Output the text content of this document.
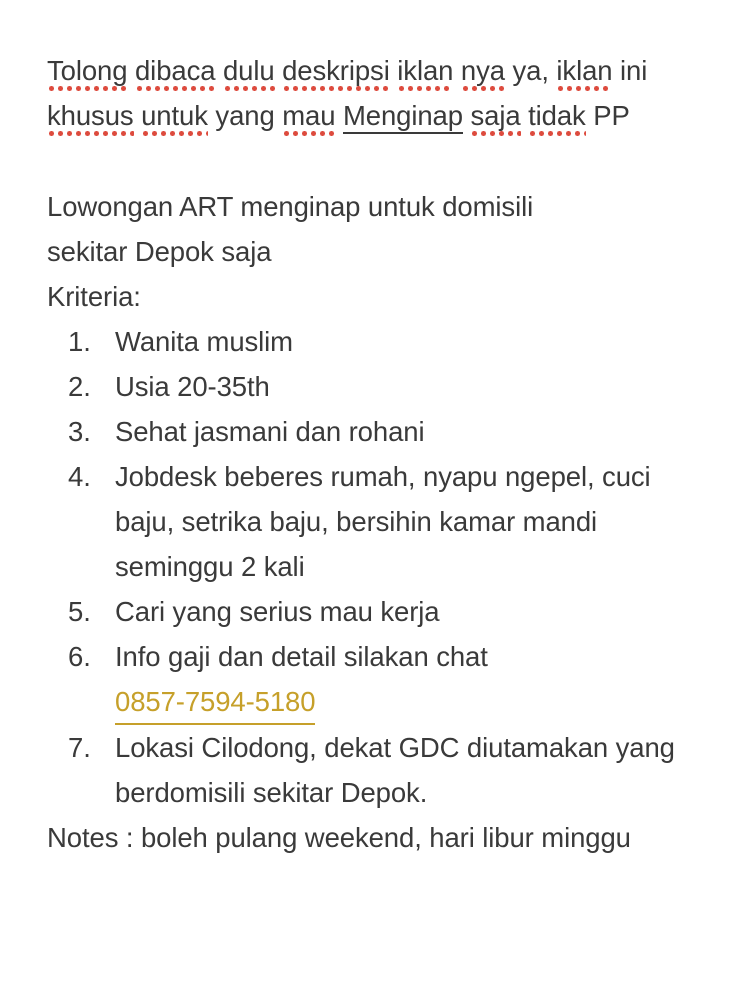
Tolong dibaca dulu deskripsi iklan nya ya, iklan ini khusus untuk yang mau Menginap saja tidak PP
Lowongan ART menginap untuk domisili
sekitar Depok saja
Kriteria:
Wanita muslim
Usia 20-35th
Sehat jasmani dan rohani
Jobdesk beberes rumah, nyapu ngepel, cuci baju, setrika baju, bersihin kamar mandi seminggu 2 kali
Cari yang serius mau kerja
Info gaji dan detail silakan chat
0857-7594-5180
Lokasi Cilodong, dekat GDC diutamakan yang berdomisili sekitar Depok.
Notes : boleh pulang weekend, hari libur minggu
